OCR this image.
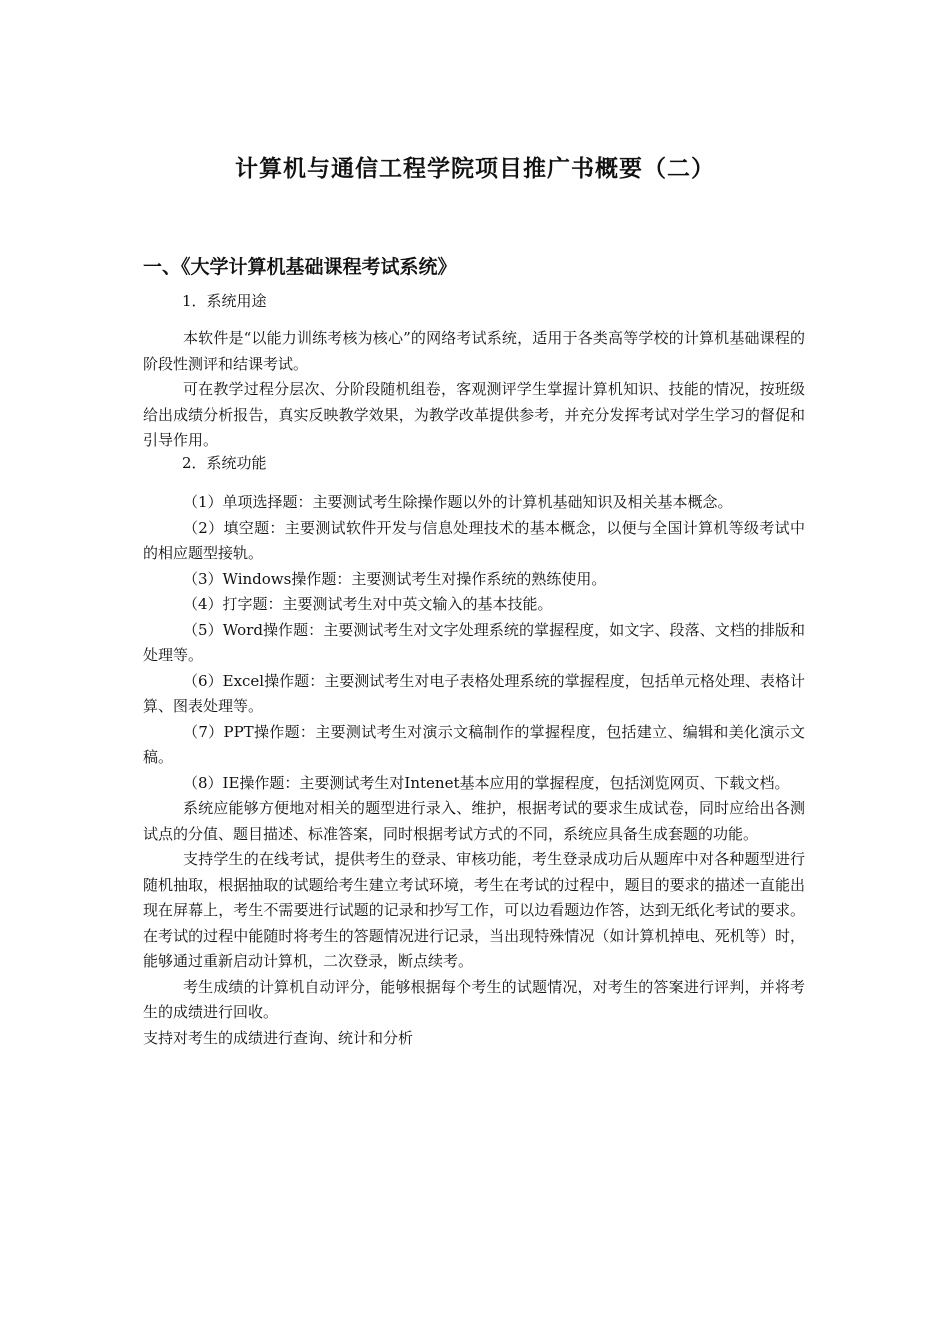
计算机与通信工程学院项目推广书概要（二）
一、《大学计算机基础课程考试系统》
1．系统用途

本软件是“以能力训练考核为核心”的网络考试系统，适用于各类高等学校的计算机基础课程的阶段性测评和结课考试。

可在教学过程分层次、分阶段随机组卷，客观测评学生掌握计算机知识、技能的情况，按班级给出成绩分析报告，真实反映教学效果，为教学改革提供参考，并充分发挥考试对学生学习的督促和引导作用。

2．系统功能

（1）单项选择题：主要测试考生除操作题以外的计算机基础知识及相关基本概念。

（2）填空题：主要测试软件开发与信息处理技术的基本概念，以便与全国计算机等级考试中的相应题型接轨。

（3）Windows操作题：主要测试考生对操作系统的熟练使用。

（4）打字题：主要测试考生对中英文输入的基本技能。

（5）Word操作题：主要测试考生对文字处理系统的掌握程度，如文字、段落、文档的排版和处理等。

（6）Excel操作题：主要测试考生对电子表格处理系统的掌握程度，包括单元格处理、表格计算、图表处理等。

（7）PPT操作题：主要测试考生对演示文稿制作的掌握程度，包括建立、编辑和美化演示文稿。

（8）IE操作题：主要测试考生对Intenet基本应用的掌握程度，包括浏览网页、下载文档。

系统应能够方便地对相关的题型进行录入、维护，根据考试的要求生成试卷，同时应给出各测试点的分值、题目描述、标准答案，同时根据考试方式的不同，系统应具备生成套题的功能。

支持学生的在线考试，提供考生的登录、审核功能，考生登录成功后从题库中对各种题型进行随机抽取，根据抽取的试题给考生建立考试环境，考生在考试的过程中，题目的要求的描述一直能出现在屏幕上，考生不需要进行试题的记录和抄写工作，可以边看题边作答，达到无纸化考试的要求。在考试的过程中能随时将考生的答题情况进行记录，当出现特殊情况（如计算机掉电、死机等）时，能够通过重新启动计算机，二次登录，断点续考。

考生成绩的计算机自动评分，能够根据每个考生的试题情况，对考生的答案进行评判，并将考生的成绩进行回收。

支持对考生的成绩进行查询、统计和分析
